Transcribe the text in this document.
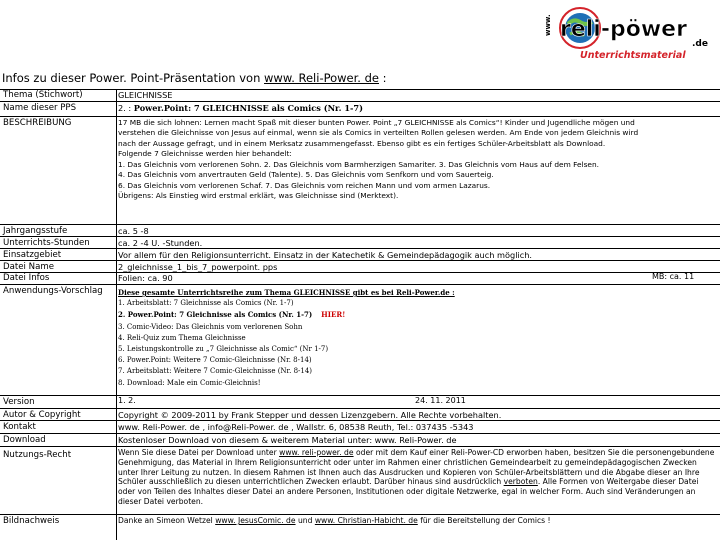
www. reli-pöwer
.de
Unterrichtsmaterial
Infos zu dieser Power. Point-Präsentation von www. Reli-Power. de :
Thema (Stichwort)	GLEICHNISSE
Name dieser PPS	2. : Power.Point: 7 GLEICHNISSE als Comics (Nr. 1-7)
BESCHREIBUNG	17 MB die sich lohnen: Lernen macht Spaß mit dieser bunten Power. Point „7 GLEICHNISSE als Comics“! Kinder und Jugendliche mögen und
verstehen die Gleichnisse von Jesus auf einmal, wenn sie als Comics in verteilten Rollen gelesen werden. Am Ende von jedem Gleichnis wird
nach der Aussage gefragt, und in einem Merksatz zusammengefasst. Ebenso gibt es ein fertiges Schüler-Arbeitsblatt als Download.
Folgende 7 Gleichnisse werden hier behandelt:
1. Das Gleichnis vom verlorenen Sohn. 2. Das Gleichnis vom Barmherzigen Samariter. 3. Das Gleichnis vom Haus auf dem Felsen.
4. Das Gleichnis vom anvertrauten Geld (Talente). 5. Das Gleichnis vom Senfkorn und vom Sauerteig.
6. Das Gleichnis vom verlorenen Schaf. 7. Das Gleichnis vom reichen Mann und vom armen Lazarus.
Übrigens: Als Einstieg wird erstmal erklärt, was Gleichnisse sind (Merktext).
Jahrgangsstufe	ca. 5 -8
Unterrichts-Stunden	ca. 2 -4 U. -Stunden.
Einsatzgebiet	Vor allem für den Religionsunterricht. Einsatz in der Katechetik & Gemeindepädagogik auch möglich.
Datei Name	2_gleichnisse_1_bis_7_powerpoint. pps
Datei Infos	Folien: ca. 90	MB: ca. 11
Anwendungs-Vorschlag Diese gesamte Unterrichtsreihe zum Thema GLEICHNISSE gibt es bei Reli-Power.de :
1. Arbeitsblatt: 7 Gleichnisse als Comics (Nr. 1-7)
2. Power.Point: 7 Gleichnisse als Comics (Nr. 1-7) HIER!
3. Comic-Video: Das Gleichnis vom verlorenen Sohn
4. Reli-Quiz zum Thema Gleichnisse
5. Leistungskontrolle zu „7 Gleichnisse als Comic“ (Nr 1-7)
6. Power.Point: Weitere 7 Comic-Gleichnisse (Nr. 8-14)
7. Arbeitsblatt: Weitere 7 Comic-Gleichnisse (Nr. 8-14)
8. Download: Male ein Comic-Gleichnis!
Version	1. 2.	24. 11. 2011
Autor & Copyright	Copyright © 2009-2011 by Frank Stepper und dessen Lizenzgebern. Alle Rechte vorbehalten.
Kontakt	www. Reli-Power. de , info@Reli-Power. de , Wallstr. 6, 08538 Reuth, Tel.: 037435 -5343
Download	Kostenloser Download von diesem & weiterem Material unter: www. Reli-Power. de
Nutzungs-Recht	Wenn Sie diese Datei per Download unter www. reli-power. de oder mit dem Kauf einer Reli-Power-CD erworben haben, besitzen Sie die personengebundene Genehmigung, das Material in Ihrem Religionsunterricht oder unter im Rahmen einer christlichen Gemeindearbeit zu gemeindepädagogischen Zwecken unter Ihrer Leitung zu nutzen. In diesem Rahmen ist Ihnen auch das Ausdrucken und Kopieren von Schüler-Arbeitsblättern und die Abgabe dieser an Ihre Schüler ausschließlich zu diesen unterrichtlichen Zwecken erlaubt. Darüber hinaus sind ausdrücklich verboten. Alle Formen von Weitergabe dieser Datei oder von Teilen des Inhaltes dieser Datei an andere Personen, Institutionen oder digitale Netzwerke, egal in welcher Form. Auch sind Veränderungen an dieser Datei verboten.
Bildnachweis	Danke an Simeon Wetzel www. JesusComic. de und www. Christian-Habicht. de für die Bereitstellung der Comics !
